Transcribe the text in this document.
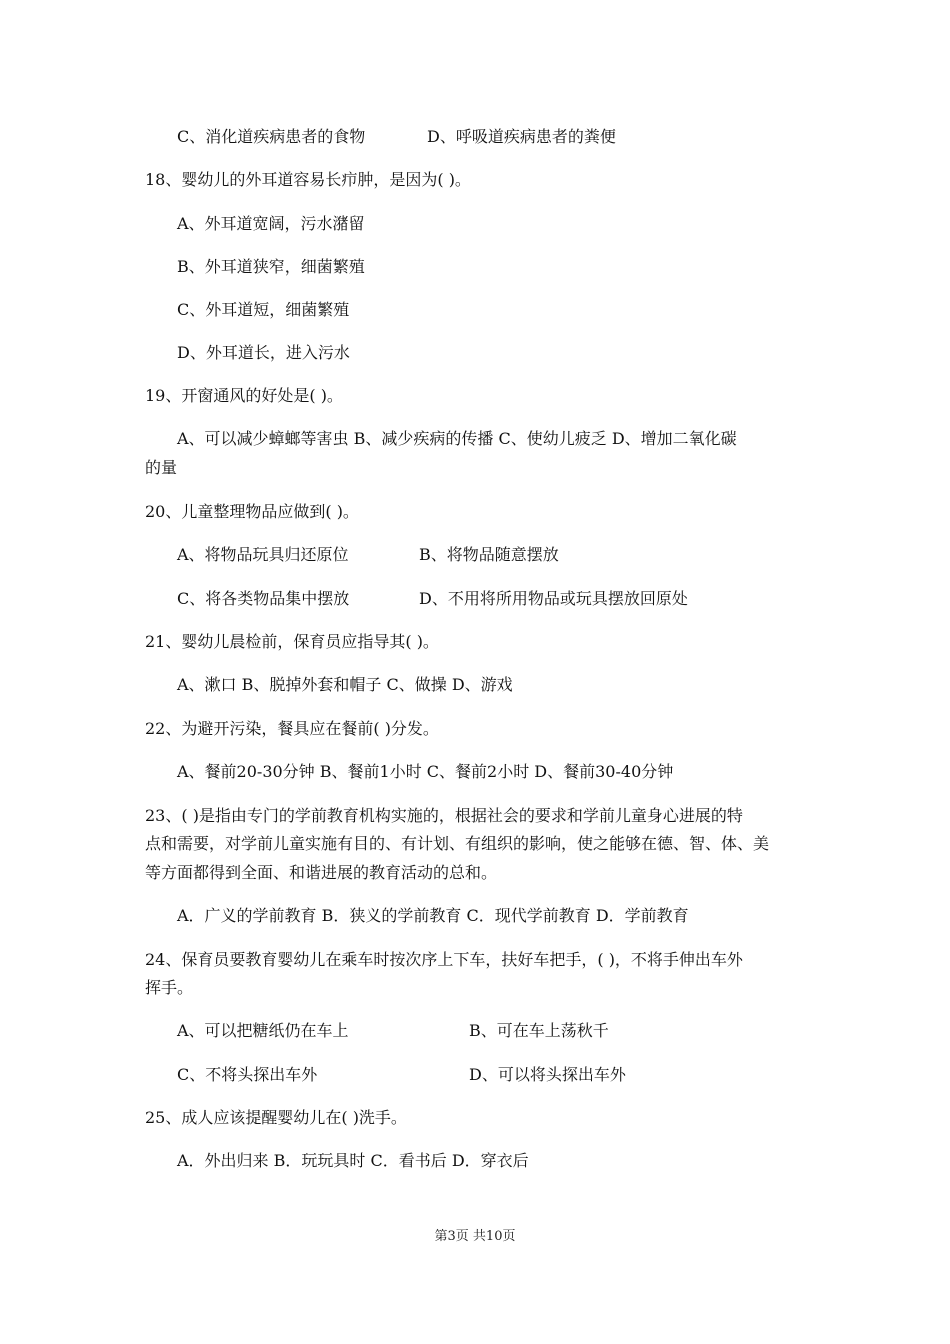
C、消化道疾病患者的食物	D、呼吸道疾病患者的粪便
18、婴幼儿的外耳道容易长疖肿，是因为( )。
A、外耳道宽阔，污水潴留
B、外耳道狭窄，细菌繁殖
C、外耳道短，细菌繁殖
D、外耳道长，进入污水
19、开窗通风的好处是( )。
A、可以减少蟑螂等害虫 B、减少疾病的传播 C、使幼儿疲乏 D、增加二氧化碳
的量
20、儿童整理物品应做到( )。
A、将物品玩具归还原位	B、将物品随意摆放
C、将各类物品集中摆放	D、不用将所用物品或玩具摆放回原处
21、婴幼儿晨检前，保育员应指导其( )。
A、漱口 B、脱掉外套和帽子 C、做操 D、游戏
22、为避开污染，餐具应在餐前( )分发。
A、餐前20-30分钟 B、餐前1小时 C、餐前2小时 D、餐前30-40分钟
23、( )是指由专门的学前教育机构实施的，根据社会的要求和学前儿童身心进展的特
点和需要，对学前儿童实施有目的、有计划、有组织的影响，使之能够在德、智、体、美
等方面都得到全面、和谐进展的教育活动的总和。
A．广义的学前教育 B．狭义的学前教育 C．现代学前教育 D．学前教育
24、保育员要教育婴幼儿在乘车时按次序上下车，扶好车把手，( )，不将手伸出车外
挥手。
A、可以把糖纸仍在车上	B、可在车上荡秋千
C、不将头探出车外	D、可以将头探出车外
25、成人应该提醒婴幼儿在( )洗手。
A．外出归来 B．玩玩具时 C．看书后 D．穿衣后
第3页 共10页
